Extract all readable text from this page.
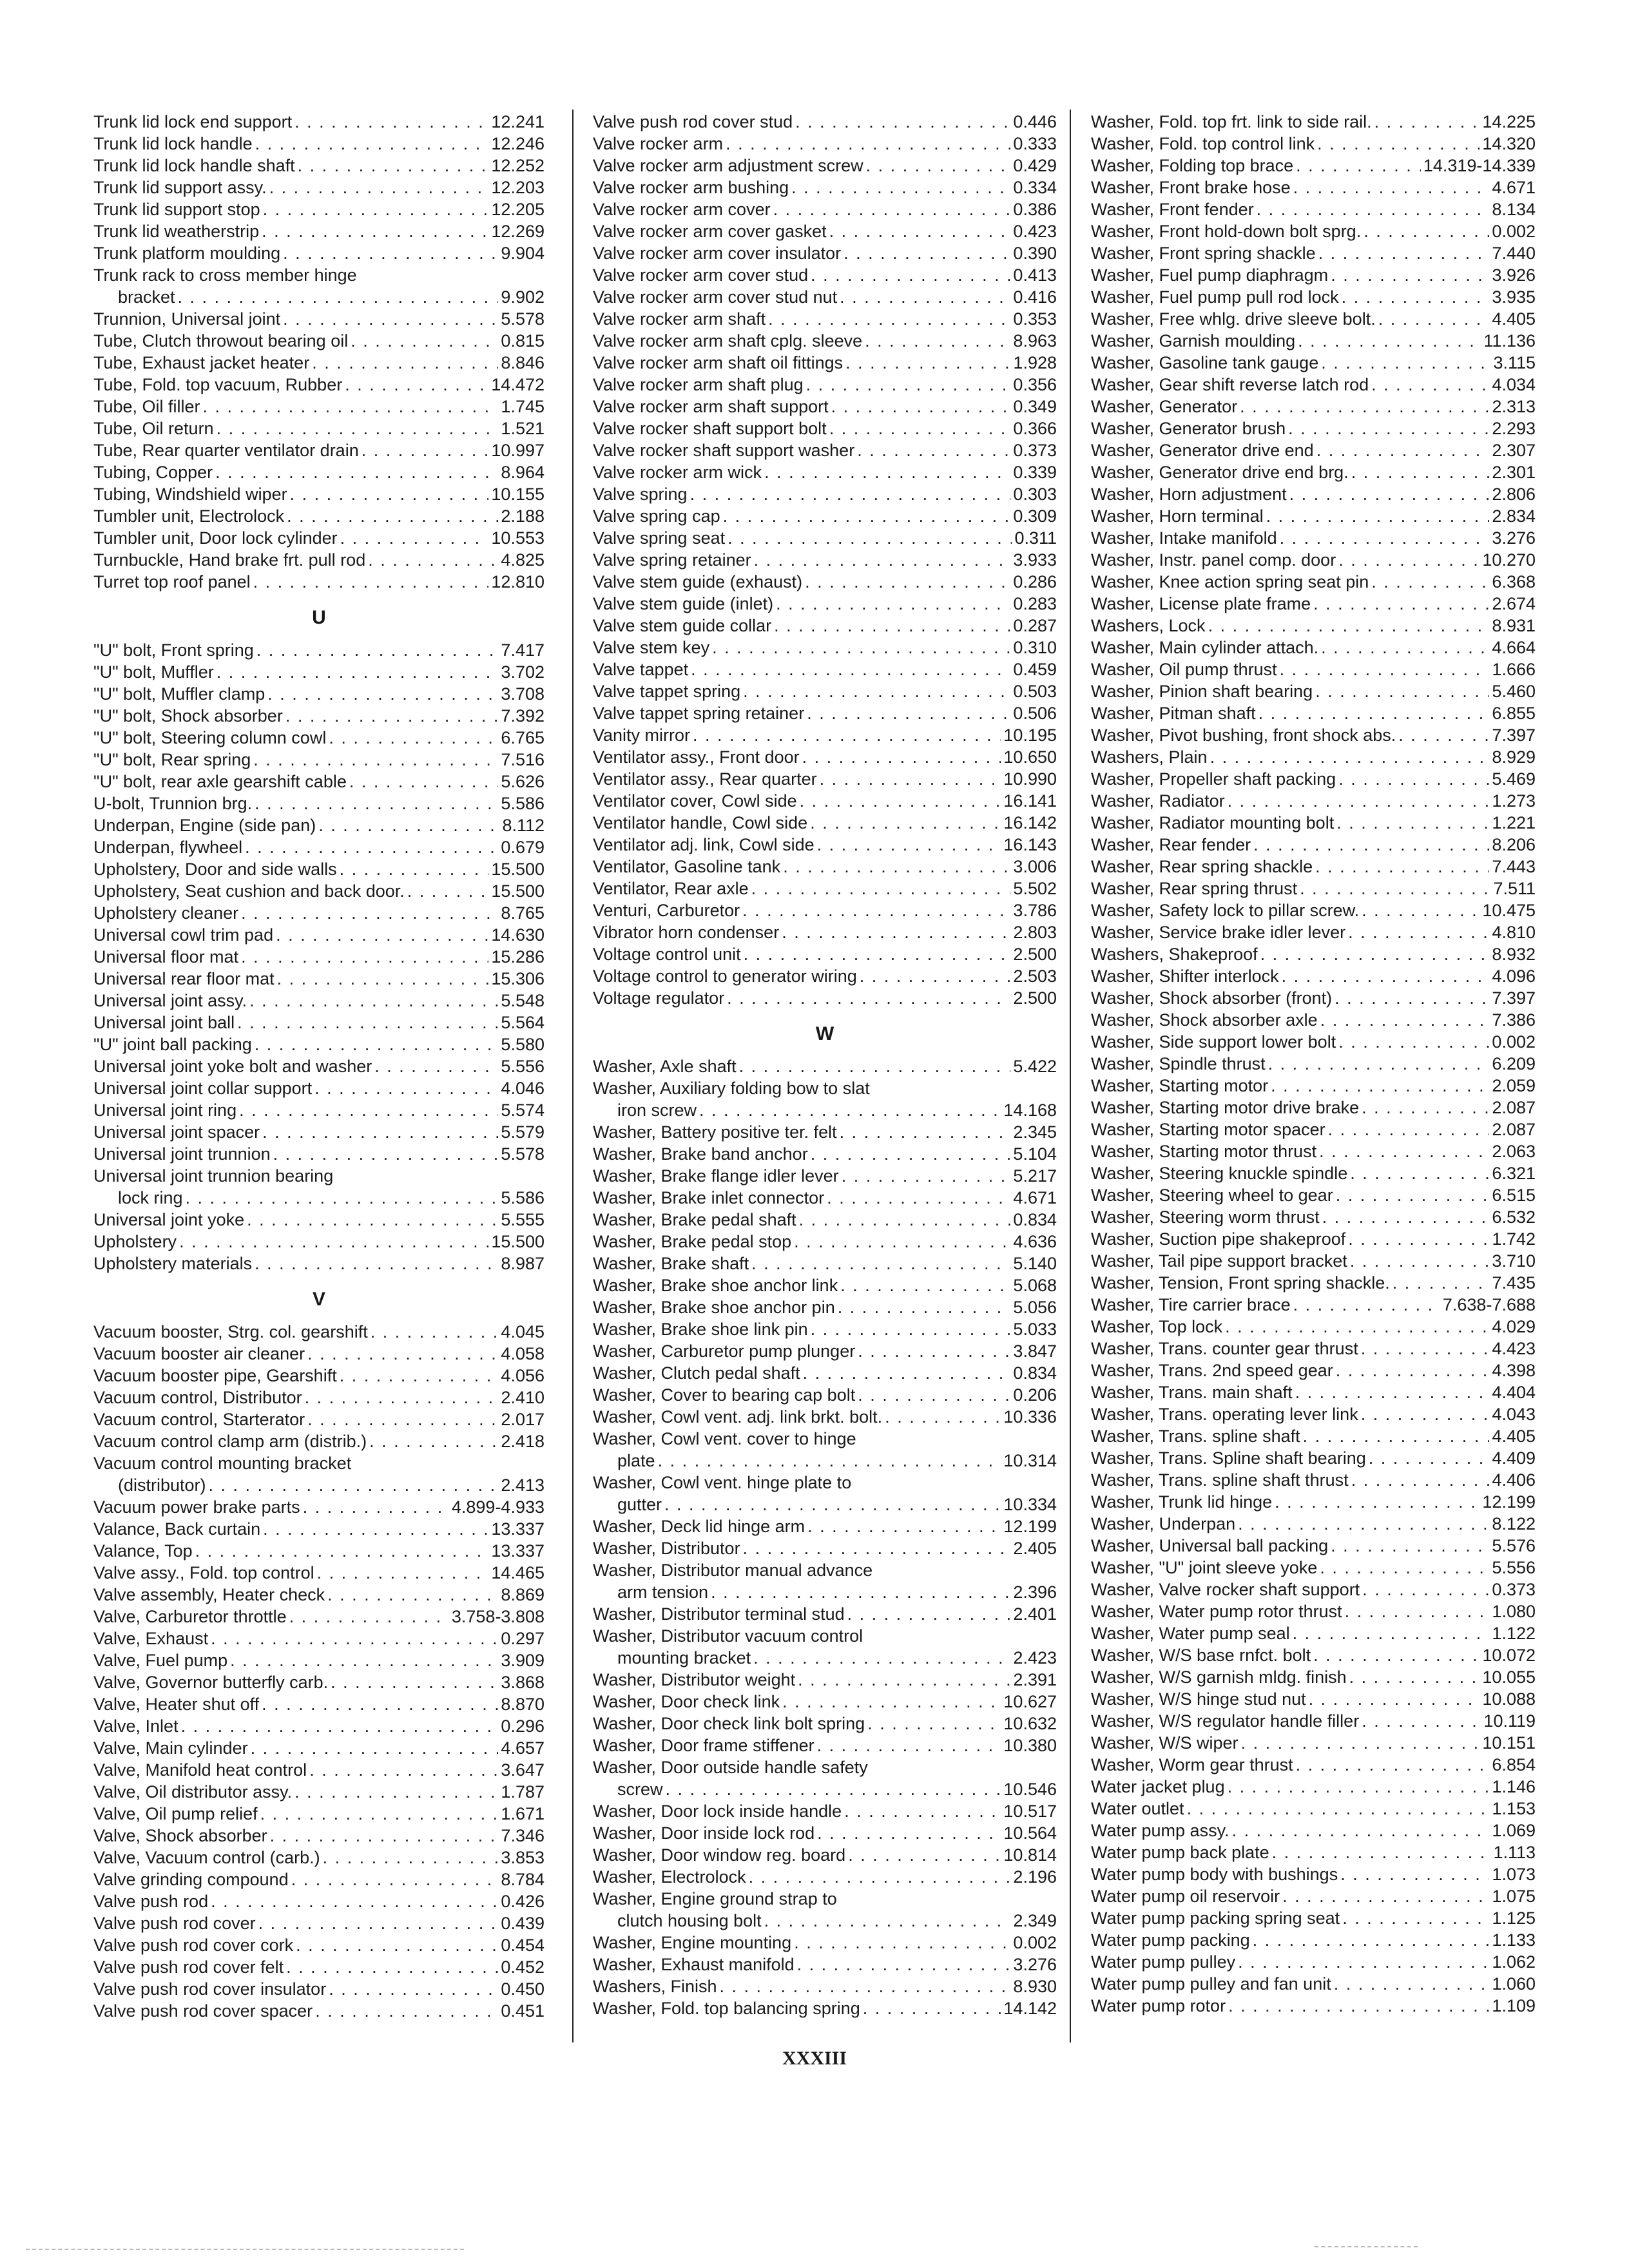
Trunk lid lock end support . . .	12.241
Trunk lid lock handle . . .	12.246
Trunk lid lock handle shaft . . .	12.252
Trunk lid support assy. . . .	12.203
Trunk lid support stop . . .	12.205
Trunk lid weatherstrip . . .	12.269
Trunk platform moulding . . .	9.904
Trunk rack to cross member hinge
bracket . . .	9.902
Trunnion, Universal joint . . .	5.578
Tube, Clutch throwout bearing oil . . .	0.815
Tube, Exhaust jacket heater . . .	8.846
Tube, Fold. top vacuum, Rubber . . .	14.472
Tube, Oil filler . . .	1.745
Tube, Oil return . . .	1.521
Tube, Rear quarter ventilator drain . . .	10.997
Tubing, Copper . . .	8.964
Tubing, Windshield wiper . . .	10.155
Tumbler unit, Electrolock . . .	2.188
Tumbler unit, Door lock cylinder . . .	10.553
Turnbuckle, Hand brake frt. pull rod . . .	4.825
Turret top roof panel . . .	12.810
U
"U" bolt, Front spring . . .	7.417
"U" bolt, Muffler . . .	3.702
"U" bolt, Muffler clamp . . .	3.708
"U" bolt, Shock absorber . . .	7.392
"U" bolt, Steering column cowl . . .	6.765
"U" bolt, Rear spring . . .	7.516
"U" bolt, rear axle gearshift cable . . .	5.626
U-bolt, Trunnion brg. . . .	5.586
Underpan, Engine (side pan) . . .	8.112
Underpan, flywheel . . .	0.679
Upholstery, Door and side walls . . .	15.500
Upholstery, Seat cushion and back door. . . .	15.500
Upholstery cleaner . . .	8.765
Universal cowl trim pad . . .	14.630
Universal floor mat . . .	15.286
Universal rear floor mat . . .	15.306
Universal joint assy. . . .	5.548
Universal joint ball . . .	5.564
"U" joint ball packing . . .	5.580
Universal joint yoke bolt and washer . . .	5.556
Universal joint collar support . . .	4.046
Universal joint ring . . .	5.574
Universal joint spacer . . .	5.579
Universal joint trunnion . . .	5.578
Universal joint trunnion bearing
lock ring . . .	5.586
Universal joint yoke . . .	5.555
Upholstery . . .	15.500
Upholstery materials . . .	8.987
V
Vacuum booster, Strg. col. gearshift . . .	4.045
Vacuum booster air cleaner . . .	4.058
Vacuum booster pipe, Gearshift . . .	4.056
Vacuum control, Distributor . . .	2.410
Vacuum control, Starterator . . .	2.017
Vacuum control clamp arm (distrib.) . . .	2.418
Vacuum control mounting bracket
(distributor) . . .	2.413
Vacuum power brake parts . . .	4.899-4.933
Valance, Back curtain . . .	13.337
Valance, Top . . .	13.337
Valve assy., Fold. top control . . .	14.465
Valve assembly, Heater check . . .	8.869
Valve, Carburetor throttle . . .	3.758-3.808
Valve, Exhaust . . .	0.297
Valve, Fuel pump . . .	3.909
Valve, Governor butterfly carb. . . .	3.868
Valve, Heater shut off . . .	8.870
Valve, Inlet . . .	0.296
Valve, Main cylinder . . .	4.657
Valve, Manifold heat control . . .	3.647
Valve, Oil distributor assy. . . .	1.787
Valve, Oil pump relief . . .	1.671
Valve, Shock absorber . . .	7.346
Valve, Vacuum control (carb.) . . .	3.853
Valve grinding compound . . .	8.784
Valve push rod . . .	0.426
Valve push rod cover . . .	0.439
Valve push rod cover cork . . .	0.454
Valve push rod cover felt . . .	0.452
Valve push rod cover insulator . . .	0.450
Valve push rod cover spacer . . .	0.451
Valve push rod cover stud . . .	0.446
Valve rocker arm . . .	0.333
Valve rocker arm adjustment screw . . .	0.429
Valve rocker arm bushing . . .	0.334
Valve rocker arm cover . . .	0.386
Valve rocker arm cover gasket . . .	0.423
Valve rocker arm cover insulator . . .	0.390
Valve rocker arm cover stud . . .	0.413
Valve rocker arm cover stud nut . . .	0.416
Valve rocker arm shaft . . .	0.353
Valve rocker arm shaft cplg. sleeve . . .	8.963
Valve rocker arm shaft oil fittings . . .	1.928
Valve rocker arm shaft plug . . .	0.356
Valve rocker arm shaft support . . .	0.349
Valve rocker shaft support bolt . . .	0.366
Valve rocker shaft support washer . . .	0.373
Valve rocker arm wick . . .	0.339
Valve spring . . .	0.303
Valve spring cap . . .	0.309
Valve spring seat . . .	0.311
Valve spring retainer . . .	3.933
Valve stem guide (exhaust) . . .	0.286
Valve stem guide (inlet) . . .	0.283
Valve stem guide collar . . .	0.287
Valve stem key . . .	0.310
Valve tappet . . .	0.459
Valve tappet spring . . .	0.503
Valve tappet spring retainer . . .	0.506
Vanity mirror . . .	10.195
Ventilator assy., Front door . . .	10.650
Ventilator assy., Rear quarter . . .	10.990
Ventilator cover, Cowl side . . .	16.141
Ventilator handle, Cowl side . . .	16.142
Ventilator adj. link, Cowl side . . .	16.143
Ventilator, Gasoline tank . . .	3.006
Ventilator, Rear axle . . .	5.502
Venturi, Carburetor . . .	3.786
Vibrator horn condenser . . .	2.803
Voltage control unit . . .	2.500
Voltage control to generator wiring . . .	2.503
Voltage regulator . . .	2.500
W
Washer, Axle shaft . . .	5.422
Washer, Auxiliary folding bow to slat
iron screw . . .	14.168
Washer, Battery positive ter. felt . . .	2.345
Washer, Brake band anchor . . .	5.104
Washer, Brake flange idler lever . . .	5.217
Washer, Brake inlet connector . . .	4.671
Washer, Brake pedal shaft . . .	0.834
Washer, Brake pedal stop . . .	4.636
Washer, Brake shaft . . .	5.140
Washer, Brake shoe anchor link . . .	5.068
Washer, Brake shoe anchor pin . . .	5.056
Washer, Brake shoe link pin . . .	5.033
Washer, Carburetor pump plunger . . .	3.847
Washer, Clutch pedal shaft . . .	0.834
Washer, Cover to bearing cap bolt . . .	0.206
Washer, Cowl vent. adj. link brkt. bolt. . . .	10.336
Washer, Cowl vent. cover to hinge
plate . . .	10.314
Washer, Cowl vent. hinge plate to
gutter . . .	10.334
Washer, Deck lid hinge arm . . .	12.199
Washer, Distributor . . .	2.405
Washer, Distributor manual advance
arm tension . . .	2.396
Washer, Distributor terminal stud . . .	2.401
Washer, Distributor vacuum control
mounting bracket . . .	2.423
Washer, Distributor weight . . .	2.391
Washer, Door check link . . .	10.627
Washer, Door check link bolt spring . . .	10.632
Washer, Door frame stiffener . . .	10.380
Washer, Door outside handle safety
screw . . .	10.546
Washer, Door lock inside handle . . .	10.517
Washer, Door inside lock rod . . .	10.564
Washer, Door window reg. board . . .	10.814
Washer, Electrolock . . .	2.196
Washer, Engine ground strap to
clutch housing bolt . . .	2.349
Washer, Engine mounting . . .	0.002
Washer, Exhaust manifold . . .	3.276
Washers, Finish . . .	8.930
Washer, Fold. top balancing spring . . .	14.142
Washer, Fold. top frt. link to side rail. . . .	14.225
Washer, Fold. top control link . . .	14.320
Washer, Folding top brace . . .	14.319-14.339
Washer, Front brake hose . . .	4.671
Washer, Front fender . . .	8.134
Washer, Front hold-down bolt sprg. . . .	0.002
Washer, Front spring shackle . . .	7.440
Washer, Fuel pump diaphragm . . .	3.926
Washer, Fuel pump pull rod lock . . .	3.935
Washer, Free whlg. drive sleeve bolt. . . .	4.405
Washer, Garnish moulding . . .	11.136
Washer, Gasoline tank gauge . . .	3.115
Washer, Gear shift reverse latch rod . . .	4.034
Washer, Generator . . .	2.313
Washer, Generator brush . . .	2.293
Washer, Generator drive end . . .	2.307
Washer, Generator drive end brg. . . .	2.301
Washer, Horn adjustment . . .	2.806
Washer, Horn terminal . . .	2.834
Washer, Intake manifold . . .	3.276
Washer, Instr. panel comp. door . . .	10.270
Washer, Knee action spring seat pin . . .	6.368
Washer, License plate frame . . .	2.674
Washers, Lock . . .	8.931
Washer, Main cylinder attach. . . .	4.664
Washer, Oil pump thrust . . .	1.666
Washer, Pinion shaft bearing . . .	5.460
Washer, Pitman shaft . . .	6.855
Washer, Pivot bushing, front shock abs. . . .	7.397
Washers, Plain . . .	8.929
Washer, Propeller shaft packing . . .	5.469
Washer, Radiator . . .	1.273
Washer, Radiator mounting bolt . . .	1.221
Washer, Rear fender . . .	8.206
Washer, Rear spring shackle . . .	7.443
Washer, Rear spring thrust . . .	7.511
Washer, Safety lock to pillar screw. . . .	10.475
Washer, Service brake idler lever . . .	4.810
Washers, Shakeproof . . .	8.932
Washer, Shifter interlock . . .	4.096
Washer, Shock absorber (front) . . .	7.397
Washer, Shock absorber axle . . .	7.386
Washer, Side support lower bolt . . .	0.002
Washer, Spindle thrust . . .	6.209
Washer, Starting motor . . .	2.059
Washer, Starting motor drive brake . . .	2.087
Washer, Starting motor spacer . . .	2.087
Washer, Starting motor thrust . . .	2.063
Washer, Steering knuckle spindle . . .	6.321
Washer, Steering wheel to gear . . .	6.515
Washer, Steering worm thrust . . .	6.532
Washer, Suction pipe shakeproof . . .	1.742
Washer, Tail pipe support bracket . . .	3.710
Washer, Tension, Front spring shackle. . . .	7.435
Washer, Tire carrier brace . . .	7.638-7.688
Washer, Top lock . . .	4.029
Washer, Trans. counter gear thrust . . .	4.423
Washer, Trans. 2nd speed gear . . .	4.398
Washer, Trans. main shaft . . .	4.404
Washer, Trans. operating lever link . . .	4.043
Washer, Trans. spline shaft . . .	4.405
Washer, Trans. Spline shaft bearing . . .	4.409
Washer, Trans. spline shaft thrust . . .	4.406
Washer, Trunk lid hinge . . .	12.199
Washer, Underpan . . .	8.122
Washer, Universal ball packing . . .	5.576
Washer, "U" joint sleeve yoke . . .	5.556
Washer, Valve rocker shaft support . . .	0.373
Washer, Water pump rotor thrust . . .	1.080
Washer, Water pump seal . . .	1.122
Washer, W/S base rnfct. bolt . . .	10.072
Washer, W/S garnish mldg. finish . . .	10.055
Washer, W/S hinge stud nut . . .	10.088
Washer, W/S regulator handle filler . . .	10.119
Washer, W/S wiper . . .	10.151
Washer, Worm gear thrust . . .	6.854
Water jacket plug . . .	1.146
Water outlet . . .	1.153
Water pump assy. . . .	1.069
Water pump back plate . . .	1.113
Water pump body with bushings . . .	1.073
Water pump oil reservoir . . .	1.075
Water pump packing spring seat . . .	1.125
Water pump packing . . .	1.133
Water pump pulley . . .	1.062
Water pump pulley and fan unit . . .	1.060
Water pump rotor . . .	1.109
XXXIII
